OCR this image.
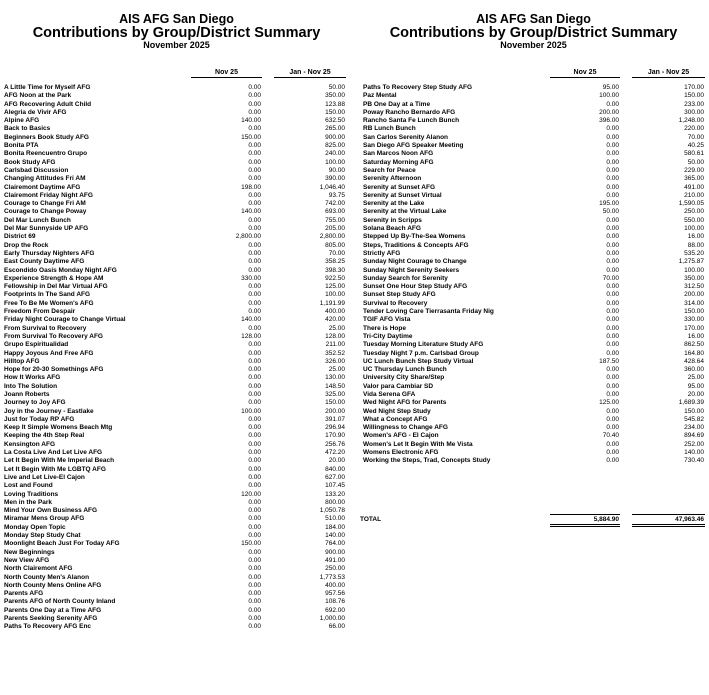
AIS AFG San Diego
Contributions by Group/District Summary
November 2025
Nov 25	Jan - Nov 25
A Little Time for Myself AFG	0.00	50.00
AFG Noon at the Park	0.00	350.00
AFG Recovering Adult Child	0.00	123.88
Alegria de Vivir AFG	0.00	150.00
Alpine AFG	140.00	632.50
Back to Basics	0.00	265.00
Beginners Book Study AFG	150.00	900.00
Bonita PTA	0.00	825.00
Bonita Reencuentro Grupo	0.00	240.00
Book Study AFG	0.00	100.00
Carlsbad Discussion	0.00	90.00
Changing Attitudes Fri AM	0.00	390.00
Clairemont Daytime AFG	198.00	1,046.40
Clairemont Friday Night AFG	0.00	93.75
Courage to Change Fri AM	0.00	742.00
Courage to Change Poway	140.00	693.00
Del Mar Lunch Bunch	0.00	755.00
Del Mar Sunnyside UP AFG	0.00	205.00
District 69	2,800.00	2,800.00
Drop the Rock	0.00	805.00
Early Thursday Nighters AFG	0.00	70.00
East County Daytime AFG	0.00	358.25
Escondido Oasis Monday Night AFG	0.00	398.30
Experience Strength & Hope AM	330.00	922.50
Fellowship in Del Mar Virtual AFG	0.00	125.00
Footprints In The Sand AFG	0.00	100.00
Free To Be Me Women's AFG	0.00	1,191.99
Freedom From Despair	0.00	400.00
Friday Night Courage to Change Virtual	140.00	420.00
From Survival to Recovery	0.00	25.00
From Survival To Recovery AFG	128.00	128.00
Grupo Espiritualidad	0.00	211.00
Happy Joyous And Free AFG	0.00	352.52
Hilltop AFG	0.00	326.00
Hope for 20-30 Somethings AFG	0.00	25.00
How It Works AFG	0.00	130.00
Into The Solution	0.00	148.50
Joann Roberts	0.00	325.00
Journey to Joy AFG	0.00	150.00
Joy in the Journey - Eastlake	100.00	200.00
Just for Today RP AFG	0.00	391.07
Keep It Simple Womens Beach Mtg	0.00	296.94
Keeping the 4th Step Real	0.00	170.90
Kensington AFG	0.00	256.76
La Costa Live And Let Live AFG	0.00	472.20
Let It Begin With Me Imperial Beach	0.00	20.00
Let It Begin With Me LGBTQ AFG	0.00	840.00
Live and Let Live-El Cajon	0.00	627.00
Lost and Found	0.00	107.45
Loving Traditions	120.00	133.20
Men in the Park	0.00	800.00
Mind Your Own Business AFG	0.00	1,050.78
Miramar Mens Group AFG	0.00	510.00
Monday Open Topic	0.00	184.00
Monday Step Study Chat	0.00	140.00
Moonlight Beach Just For Today AFG	150.00	764.00
New Beginnings	0.00	900.00
New View AFG	0.00	491.00
North Clairemont AFG	0.00	250.00
North County Men's Alanon	0.00	1,773.53
North County Mens Online AFG	0.00	400.00
Parents AFG	0.00	957.56
Parents AFG of North County Inland	0.00	108.76
Parents One Day at a Time AFG	0.00	692.00
Parents Seeking Serenity AFG	0.00	1,000.00
Paths To Recovery AFG Enc	0.00	66.00
AIS AFG San Diego
Contributions by Group/District Summary
November 2025
Nov 25	Jan - Nov 25
Paths To Recovery Step Study AFG	95.00	170.00
Paz Mental	100.00	150.00
PB One Day at a Time	0.00	233.00
Poway Rancho Bernardo AFG	200.00	300.00
Rancho Santa Fe Lunch Bunch	396.00	1,248.00
RB Lunch Bunch	0.00	220.00
San Carlos Serenity Alanon	0.00	70.00
San Diego AFG Speaker Meeting	0.00	40.25
San Marcos Noon AFG	0.00	580.61
Saturday Morning AFG	0.00	50.00
Search for Peace	0.00	229.00
Serenity Afternoon	0.00	365.00
Serenity at Sunset AFG	0.00	491.00
Serenity at Sunset Virtual	0.00	210.00
Serenity at the Lake	195.00	1,590.05
Serenity at the Virtual Lake	50.00	250.00
Serenity in Scripps	0.00	550.00
Solana Beach AFG	0.00	100.00
Stepped Up By-The-Sea Womens	0.00	16.00
Steps, Traditions & Concepts AFG	0.00	88.00
Strictly AFG	0.00	535.20
Sunday Night Courage to Change	0.00	1,275.87
Sunday Night Serenity Seekers	0.00	100.00
Sunday Search for Serenity	70.00	350.00
Sunset One Hour Step Study AFG	0.00	312.50
Sunset Step Study AFG	0.00	200.00
Survival to Recovery	0.00	314.00
Tender Loving Care Tierrasanta Friday Nig	0.00	150.00
TGIF AFG Vista	0.00	330.00
There is Hope	0.00	170.00
Tri-City Daytime	0.00	16.00
Tuesday Morning Literature Study AFG	0.00	862.50
Tuesday Night 7 p.m. Carlsbad Group	0.00	164.80
UC Lunch Bunch Step Study Virtual	187.50	428.64
UC Thursday Lunch Bunch	0.00	360.00
University City Share/Step	0.00	25.00
Valor para Cambiar SD	0.00	95.00
Vida Serena GFA	0.00	20.00
Wed Night AFG for Parents	125.00	1,689.39
Wed Night Step Study	0.00	150.00
What a Concept AFG	0.00	545.82
Willingness to Change AFG	0.00	234.00
Women's AFG - El Cajon	70.40	894.69
Women's Let It Begin With Me Vista	0.00	252.00
Womens Electronic AFG	0.00	140.00
Working the Steps, Trad, Concepts Study	0.00	730.40
TOTAL	5,884.90	47,963.46
